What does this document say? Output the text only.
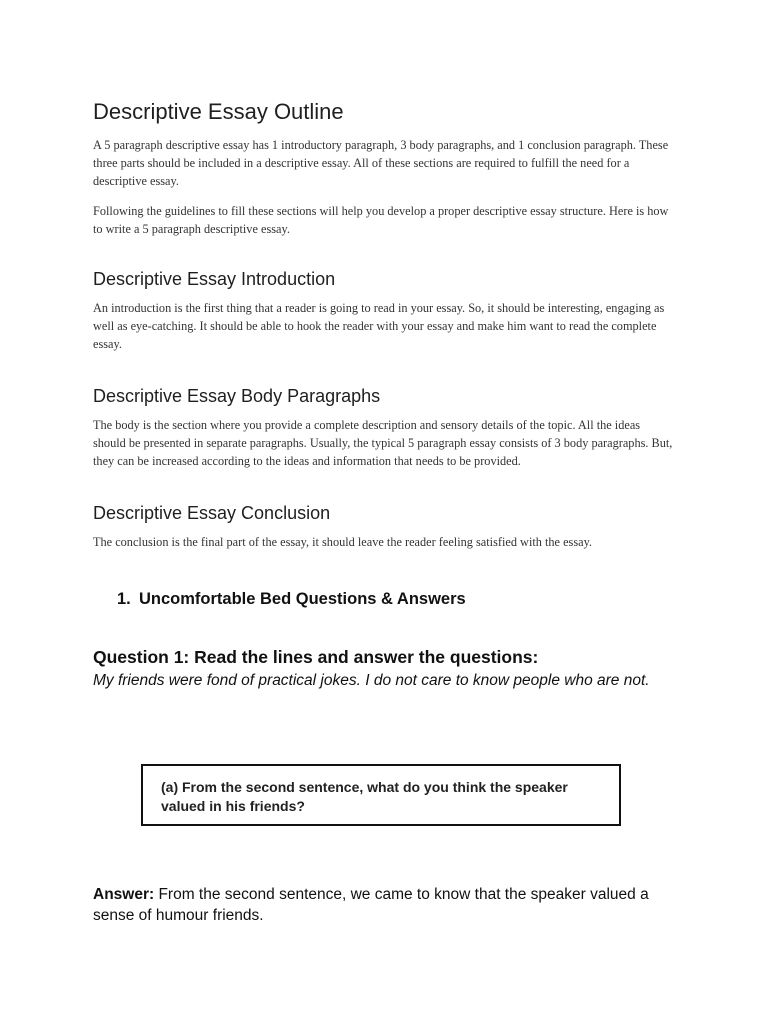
Descriptive Essay Outline

A 5 paragraph descriptive essay has 1 introductory paragraph, 3 body paragraphs, and 1 conclusion paragraph. These three parts should be included in a descriptive essay. All of these sections are required to fulfill the need for a descriptive essay.

Following the guidelines to fill these sections will help you develop a proper descriptive essay structure. Here is how to write a 5 paragraph descriptive essay.

Descriptive Essay Introduction

An introduction is the first thing that a reader is going to read in your essay. So, it should be interesting, engaging as well as eye-catching. It should be able to hook the reader with your essay and make him want to read the complete essay.

Descriptive Essay Body Paragraphs

The body is the section where you provide a complete description and sensory details of the topic. All the ideas should be presented in separate paragraphs. Usually, the typical 5 paragraph essay consists of 3 body paragraphs. But, they can be increased according to the ideas and information that needs to be provided.

Descriptive Essay Conclusion

The conclusion is the final part of the essay, it should leave the reader feeling satisfied with the essay.

1. Uncomfortable Bed Questions & Answers

Question 1: Read the lines and answer the questions:

My friends were fond of practical jokes. I do not care to know people who are not.

(a) From the second sentence, what do you think the speaker valued in his friends?

Answer: From the second sentence, we came to know that the speaker valued a sense of humour friends.
